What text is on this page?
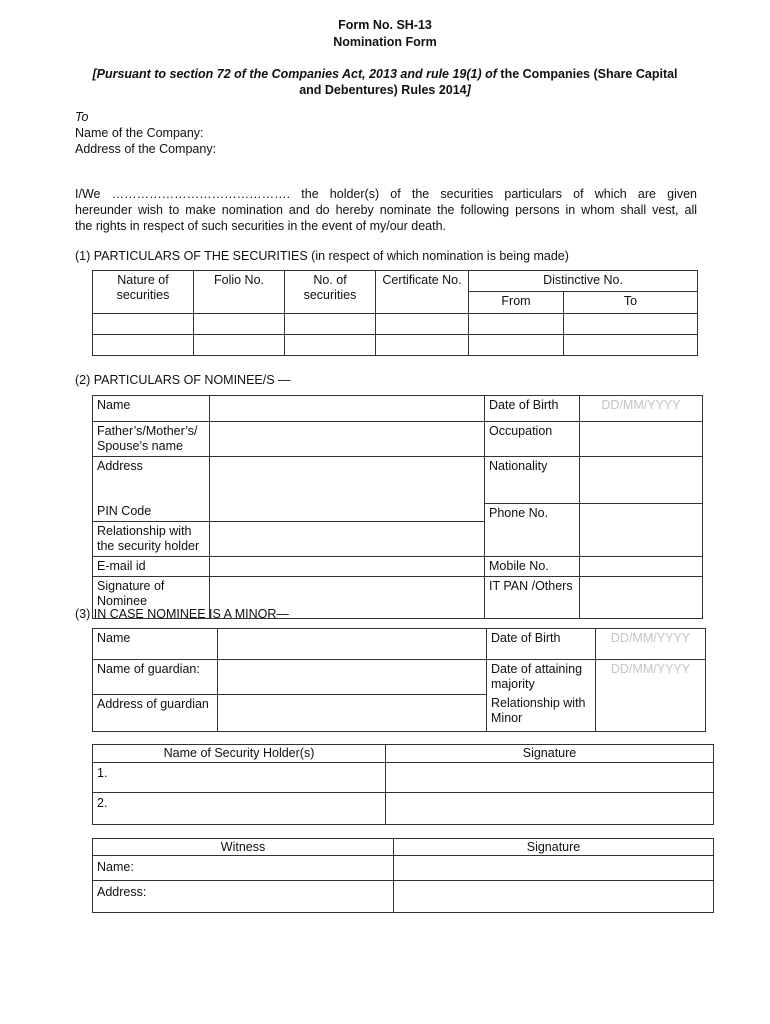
Form No. SH-13
Nomination Form
[Pursuant to section 72 of the Companies Act, 2013 and rule 19(1) of the Companies (Share Capital
and Debentures) Rules 2014]
To
Name of the Company:
Address of the Company:
I/We ……………………………………. the holder(s) of the securities particulars of which are given
hereunder wish to make nomination and do hereby nominate the following persons in whom shall vest, all
the rights in respect of such securities in the event of my/our death.
(1) PARTICULARS OF THE SECURITIES (in respect of which nomination is being made)
Nature of securities	Folio No.	No. of securities	Certificate No.	Distinctive No.	
				From	To

(2) PARTICULARS OF NOMINEE/S —
Name		Date of Birth	DD/MM/YYYY
Father’s/Mother’s/ Spouse’s name		Occupation	
Address		Nationality	
PIN Code		Phone No.	
Relationship with the security holder			
E-mail id		Mobile No.	
Signature of Nominee		IT PAN /Others	
(3) IN CASE NOMINEE IS A MINOR—
Name		Date of Birth	DD/MM/YYYY
Name of guardian:		Date of attaining majority	DD/MM/YYYY
Address of guardian		Relationship with Minor	
Name of Security Holder(s)	Signature
1.	
2.	
Witness	Signature
Name:	
Address:	
